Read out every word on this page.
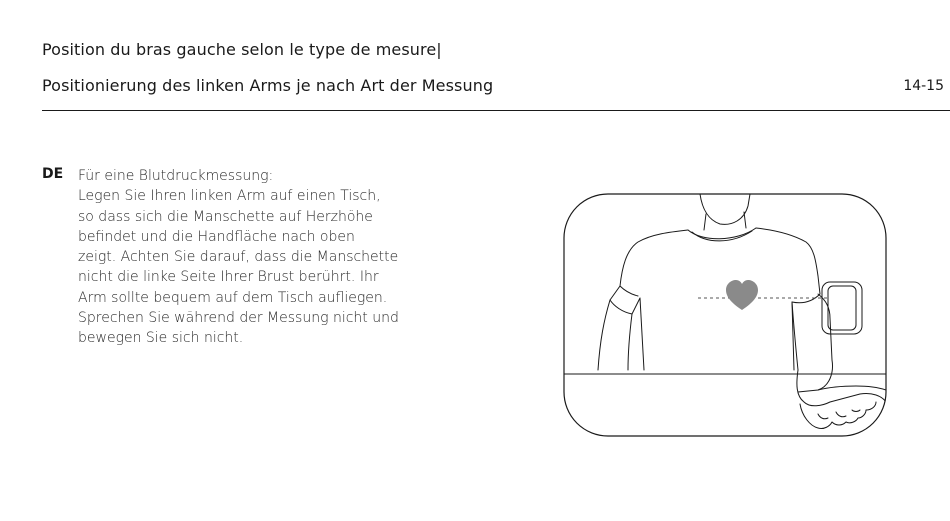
Position du bras gauche selon le type de mesure|
Positionierung des linken Arms je nach Art der Messung	14-15
DE Für eine Blutdruckmessung:
Legen Sie Ihren linken Arm auf einen Tisch,
so dass sich die Manschette auf Herzhöhe
befindet und die Handfläche nach oben
zeigt. Achten Sie darauf, dass die Manschette
nicht die linke Seite Ihrer Brust berührt. Ihr
Arm sollte bequem auf dem Tisch aufliegen.
Sprechen Sie während der Messung nicht und
bewegen Sie sich nicht.
